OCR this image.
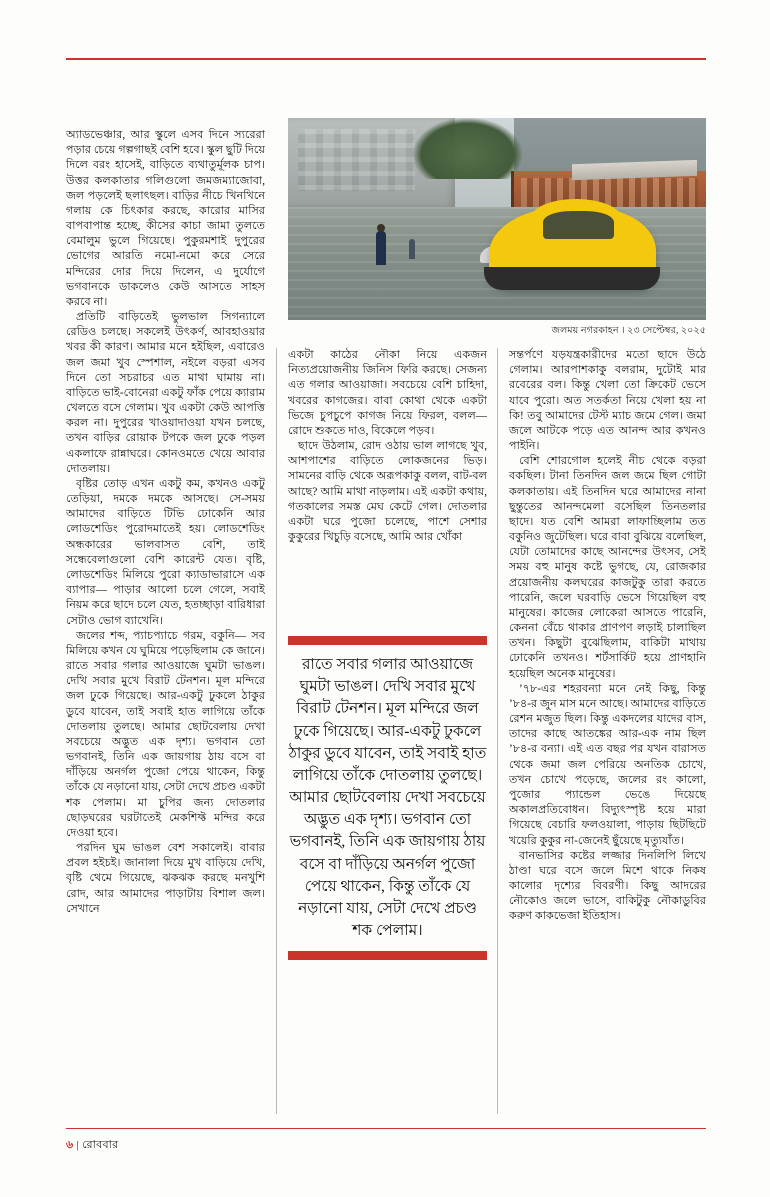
জলময় নগরকাহন । ২৩ সেপ্টেম্বর, ২০২৫

অ্যাডভেঞ্চার, আর স্কুলে এসব দিনে স্যরেরা পড়ার চেয়ে গল্পগাছই বেশি হবে। স্কুল ছুটি দিয়ে দিলে বরং হাসেই, বাড়িতে ব্যথাতুর্মূলক চাপ। উত্তর কলকাতার গলিগুলো জমজম্যাজোবা, জল পড়লেই ছলাৎছল। বাড়ির নীচে খিনখিনে গলায় কে চিৎকার করছে, কারোর মাসির বাপবাপান্ত হচ্ছে, কীসের কাচা জামা তুলতে বেমালুম ভুলে গিয়েছে। পুকুরমশাই দুপুরের ভোগের আরতি নমো-নমো করে সেরে মন্দিরের দোর দিয়ে দিলেন, এ দুর্যোগে ভগবানকে ডাকলেও কেউ আসতে সাহস করবে না।

প্রতিটি বাড়িতেই ভুলভাল সিগন্যালে রেডিও চলছে। সকলেই উৎকর্ণ, আবহাওয়ার খবর কী কারণ। আমার মনে হইছিল, এবারেও জল জমা খুব স্পেশাল, নইলে বড়রা এসব দিনে তো সচরাচর এত মাথা ঘামায় না। বাড়িতে ভাই-বোনেরা একটু ফাঁক পেয়ে ক্যারাম খেলতে বসে গেলাম। খুব একটা কেউ আপত্তি করল না। দুপুরের খাওয়াদাওয়া যখন চলছে, তখন বাড়ির রোয়াক টপকে জল ঢুকে পড়ল একলাফে রান্নাঘরে। কোনওমতে খেয়ে আবার দোতলায়।

বৃষ্টির তোড় এখন একটু কম, কখনও একটু তেড়িয়া, দমকে দমকে আসছে। সে-সময় আমাদের বাড়িতে টিভি ঢোকেনি আর লোডশেডিং পুরোদমাতেই হয়। লোডশেডিং অন্ধকারের ভালবাসত বেশি, তাই সন্ধেবেলাগুলো বেশি কারেন্ট যেত। বৃষ্টি, লোডশেডিং মিলিয়ে পুরো ক্যাডাভারাসে এক ব্যাপার— পাড়ার আলো চলে গেলে, সবাই নিয়ম করে ছাদে চলে যেত, হতচ্ছাড়া বারিধারা সেটাও ভোগ ব্যাখেনি।

জলের শব্দ, প্যাচপ্যাচে গরম, বকুনি— সব মিলিয়ে কখন যে ঘুমিয়ে পড়েছিলাম কে জানে। রাতে সবার গলার আওয়াজে ঘুমটা ভাঙল। দেখি সবার মুখে বিরাট টেনশন। মূল মন্দিরে জল ঢুকে গিয়েছে। আর-একটু ঢুকলে ঠাকুর ডুবে যাবেন, তাই সবাই হাত লাগিয়ে তাঁকে দোতলায় তুলছে। আমার ছোটবেলায় দেখা সবচেয়ে অদ্ভুত এক দৃশ্য। ভগবান তো ভগবানই, তিনি এক জায়গায় ঠায় বসে বা দাঁড়িয়ে অনর্গল পুজো পেয়ে থাকেন, কিন্তু তাঁকে যে নড়ানো যায়, সেটা দেখে প্রচণ্ড একটা শক পেলাম। মা চুপির জন্য দোতলার ছোড়ঘরের ঘরটাতেই মেকশিফ্ট মন্দির করে দেওয়া হবে।

পরদিন ঘুম ভাঙল বেশ সকালেই। বাবার প্রবল হইচই। জানালা দিয়ে মুখ বাড়িয়ে দেখি, বৃষ্টি থেমে গিয়েছে, ঝকঝক করছে মনখুশি রোদ, আর আমাদের পাড়াটায় বিশাল জল। সেখানে

একটা কাঠের নৌকা নিয়ে একজন নিত্যপ্রয়োজনীয় জিনিস ফিরি করছে। সেজন্য এত গলার আওয়াজা। সবচেয়ে বেশি চাহিদা, খবরের কাগজের। বাবা কোথা থেকে একটা ভিজে চুপচুপে কাগজ নিয়ে ফিরল, বলল— রোদে শুকতে দাও, বিকেলে পড়ব।

ছাদে উঠলাম, রোদ ওঠায় ভাল লাগছে খুব, আশপাশের বাড়িতে লোকজনের ভিড়। সামনের বাড়ি থেকে অরূপকাকু বলল, বাট-বল আছে? আমি মাথা নাড়লাম। এই একটা কথায়, গতকালের সমস্ত মেঘ কেটে গেল। দোতলার একটা ঘরে পুজো চলেছে, পাশে সেশার কুকুরের খিচুড়ি বসেছে, আমি আর খোঁকা

রাতে সবার গলার আওয়াজে ঘুমটা ভাঙল। দেখি সবার মুখে বিরাট টেনশন। মূল মন্দিরে জল ঢুকে গিয়েছে। আর-একটু ঢুকলে ঠাকুর ডুবে যাবেন, তাই সবাই হাত লাগিয়ে তাঁকে দোতলায় তুলছে। আমার ছোটবেলায় দেখা সবচেয়ে অদ্ভুত এক দৃশ্য। ভগবান তো ভগবানই, তিনি এক জায়গায় ঠায় বসে বা দাঁড়িয়ে অনর্গল পুজো পেয়ে থাকেন, কিন্তু তাঁকে যে নড়ানো যায়, সেটা দেখে প্রচণ্ড শক পেলাম।

সন্তর্পণে যড়যন্ত্রকারীদের মতো ছাদে উঠে গেলাম। আরপাশকাকু বলরাম, দুটোই মার রবেরের বল। কিন্তু খেলা তো ক্রিকেট ভেসে যাবে পুরো। অত সতর্কতা নিয়ে খেলা হয় না কি! তবু আমাদের টেস্ট ম্যাচ জমে গেল। জমা জলে আটকে পড়ে এত আনন্দ আর কখনও পাইনি।

বেশি শোরগোল হলেই নীচ থেকে বড়রা বকছিল। টানা তিনদিন জল জমে ছিল গোটা কলকাতায়। এই তিনদিন ঘরে আমাদের নানা ছুন্তুতের আনন্দমেলা বসেছিল তিনতলার ছাদে। যত বেশি আমরা লাফাচ্ছিলাম তত বকুনিও জুটেছিল। ঘরে বাবা বুঝিয়ে বলেছিল, যেটা তোমাদের কাছে আনন্দের উৎসব, সেই সময় বহু মানুষ কষ্টে ভুগছে, যে, রোজকার প্রয়োজনীয় কলঘরের কাজটুকু তারা করতে পারেনি, জলে ঘরবাড়ি ভেসে গিয়েছিল বহু মানুষের। কাজের লোকেরা আসতে পারেনি, কেননা বেঁচে থাকার প্রাণপণ লড়াই চালাছিল তখন। কিছুটা বুঝেছিলাম, বাকিটা মাথায় ঢোকেনি তখনও। শর্টসার্কিট হয়ে প্রাণহানি হয়েছিল অনেক মানুষের।

’৭৮-এর শহরবন্যা মনে নেই কিছু, কিন্তু ’৮৪-র জুন মাস মনে আছে। আমাদের বাড়িতে রেশন মজুত ছিল। কিন্তু একদলের যাদের বাস, তাদের কাছে আতঙ্কের আর-এক নাম ছিল ’৮৪-র বন্যা। এই এত বছর পর যখন বারাসত থেকে জমা জল পেরিয়ে অনতিক চোখে, তখন চোখে পড়েছে, জলের রং কালো, পুজোর প্যান্ডেল ভেঙে দিয়েছে অকালপ্রতিবোধন। বিদ্যুৎস্পৃষ্ট হয়ে মারা গিয়েছে বেচারি ফলওয়ালা, পাড়ায় ছিটছিটে খয়েরি কুকুর না-জেনেই ছুঁয়েছে মৃত্যুযাঁত।

বানভাসির কষ্টের লজ্জার দিনলিপি লিখে ঠাণ্ডা ঘরে বসে জলে মিশে থাকে নিকষ কালোর দৃশ্যের বিবরণী। কিছু আদরের নৌকোও জলে ভাসে, বাকিটুকু নৌকাডুবির করুণ কাকভেজা ইতিহাস।

৬ | রোববার
